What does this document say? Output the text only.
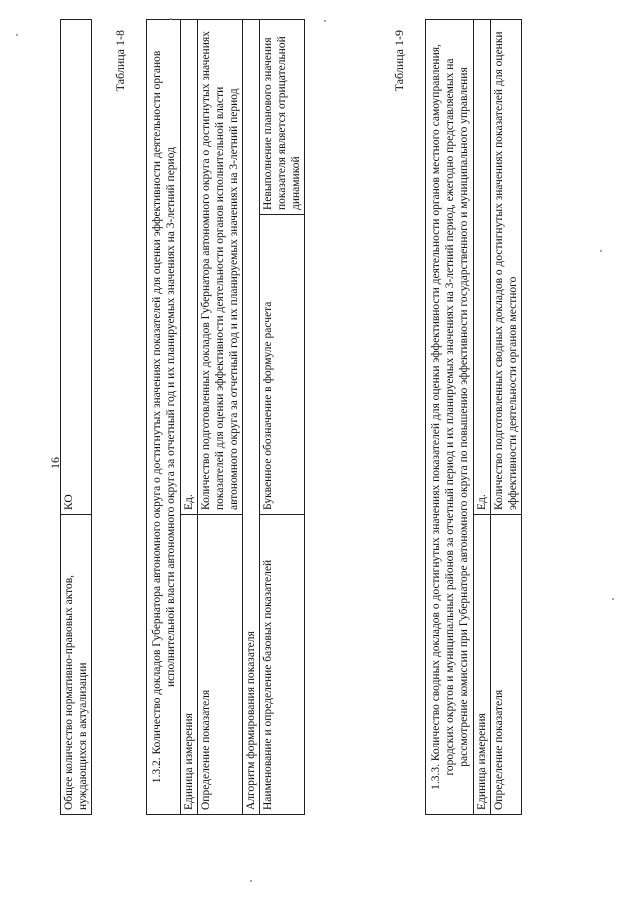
16
Общее количество нормативно-правовых актов, нуждающихся в актуализации	КО
Таблица 1-8 1.3.2. Количество докладов Губернатора автономного округа о достигнутых значениях показателей для оценки эффективности деятельности органов исполнительной власти автономного округа за отчетный год и их планируемых значениях на 3-летний период		
Единица измерения	Ед.	
Определение показателя	Количество подготовленных докладов Губернатора автономного округа о достигнутых значениях показателей для оценки эффективности деятельности органов исполнительной власти автономного округа за отчетный год и их планируемых значениях на 3-летний период	
Алгоритм формирования показателя		
Наименование и определение базовых показателей	Буквенное обозначение в формуле расчета	Невыполнение планового значения показателя является отрицательной динамикой
Таблица 1-9 1.3.3. Количество сводных докладов о достигнутых значениях показателей для оценки эффективности деятельности органов местного самоуправления, городских округов и муниципальных районов за отчетный период и их планируемых значениях на 3-летний период, ежегодно представляемых на рассмотрение комиссии при Губернаторе автономного округа по повышению эффективности государственного и муниципального управления	
Единица измерения	Ед.
Определение показателя	Количество подготовленных сводных докладов о достигнутых значениях показателей для оценки эффективности деятельности органов местного
